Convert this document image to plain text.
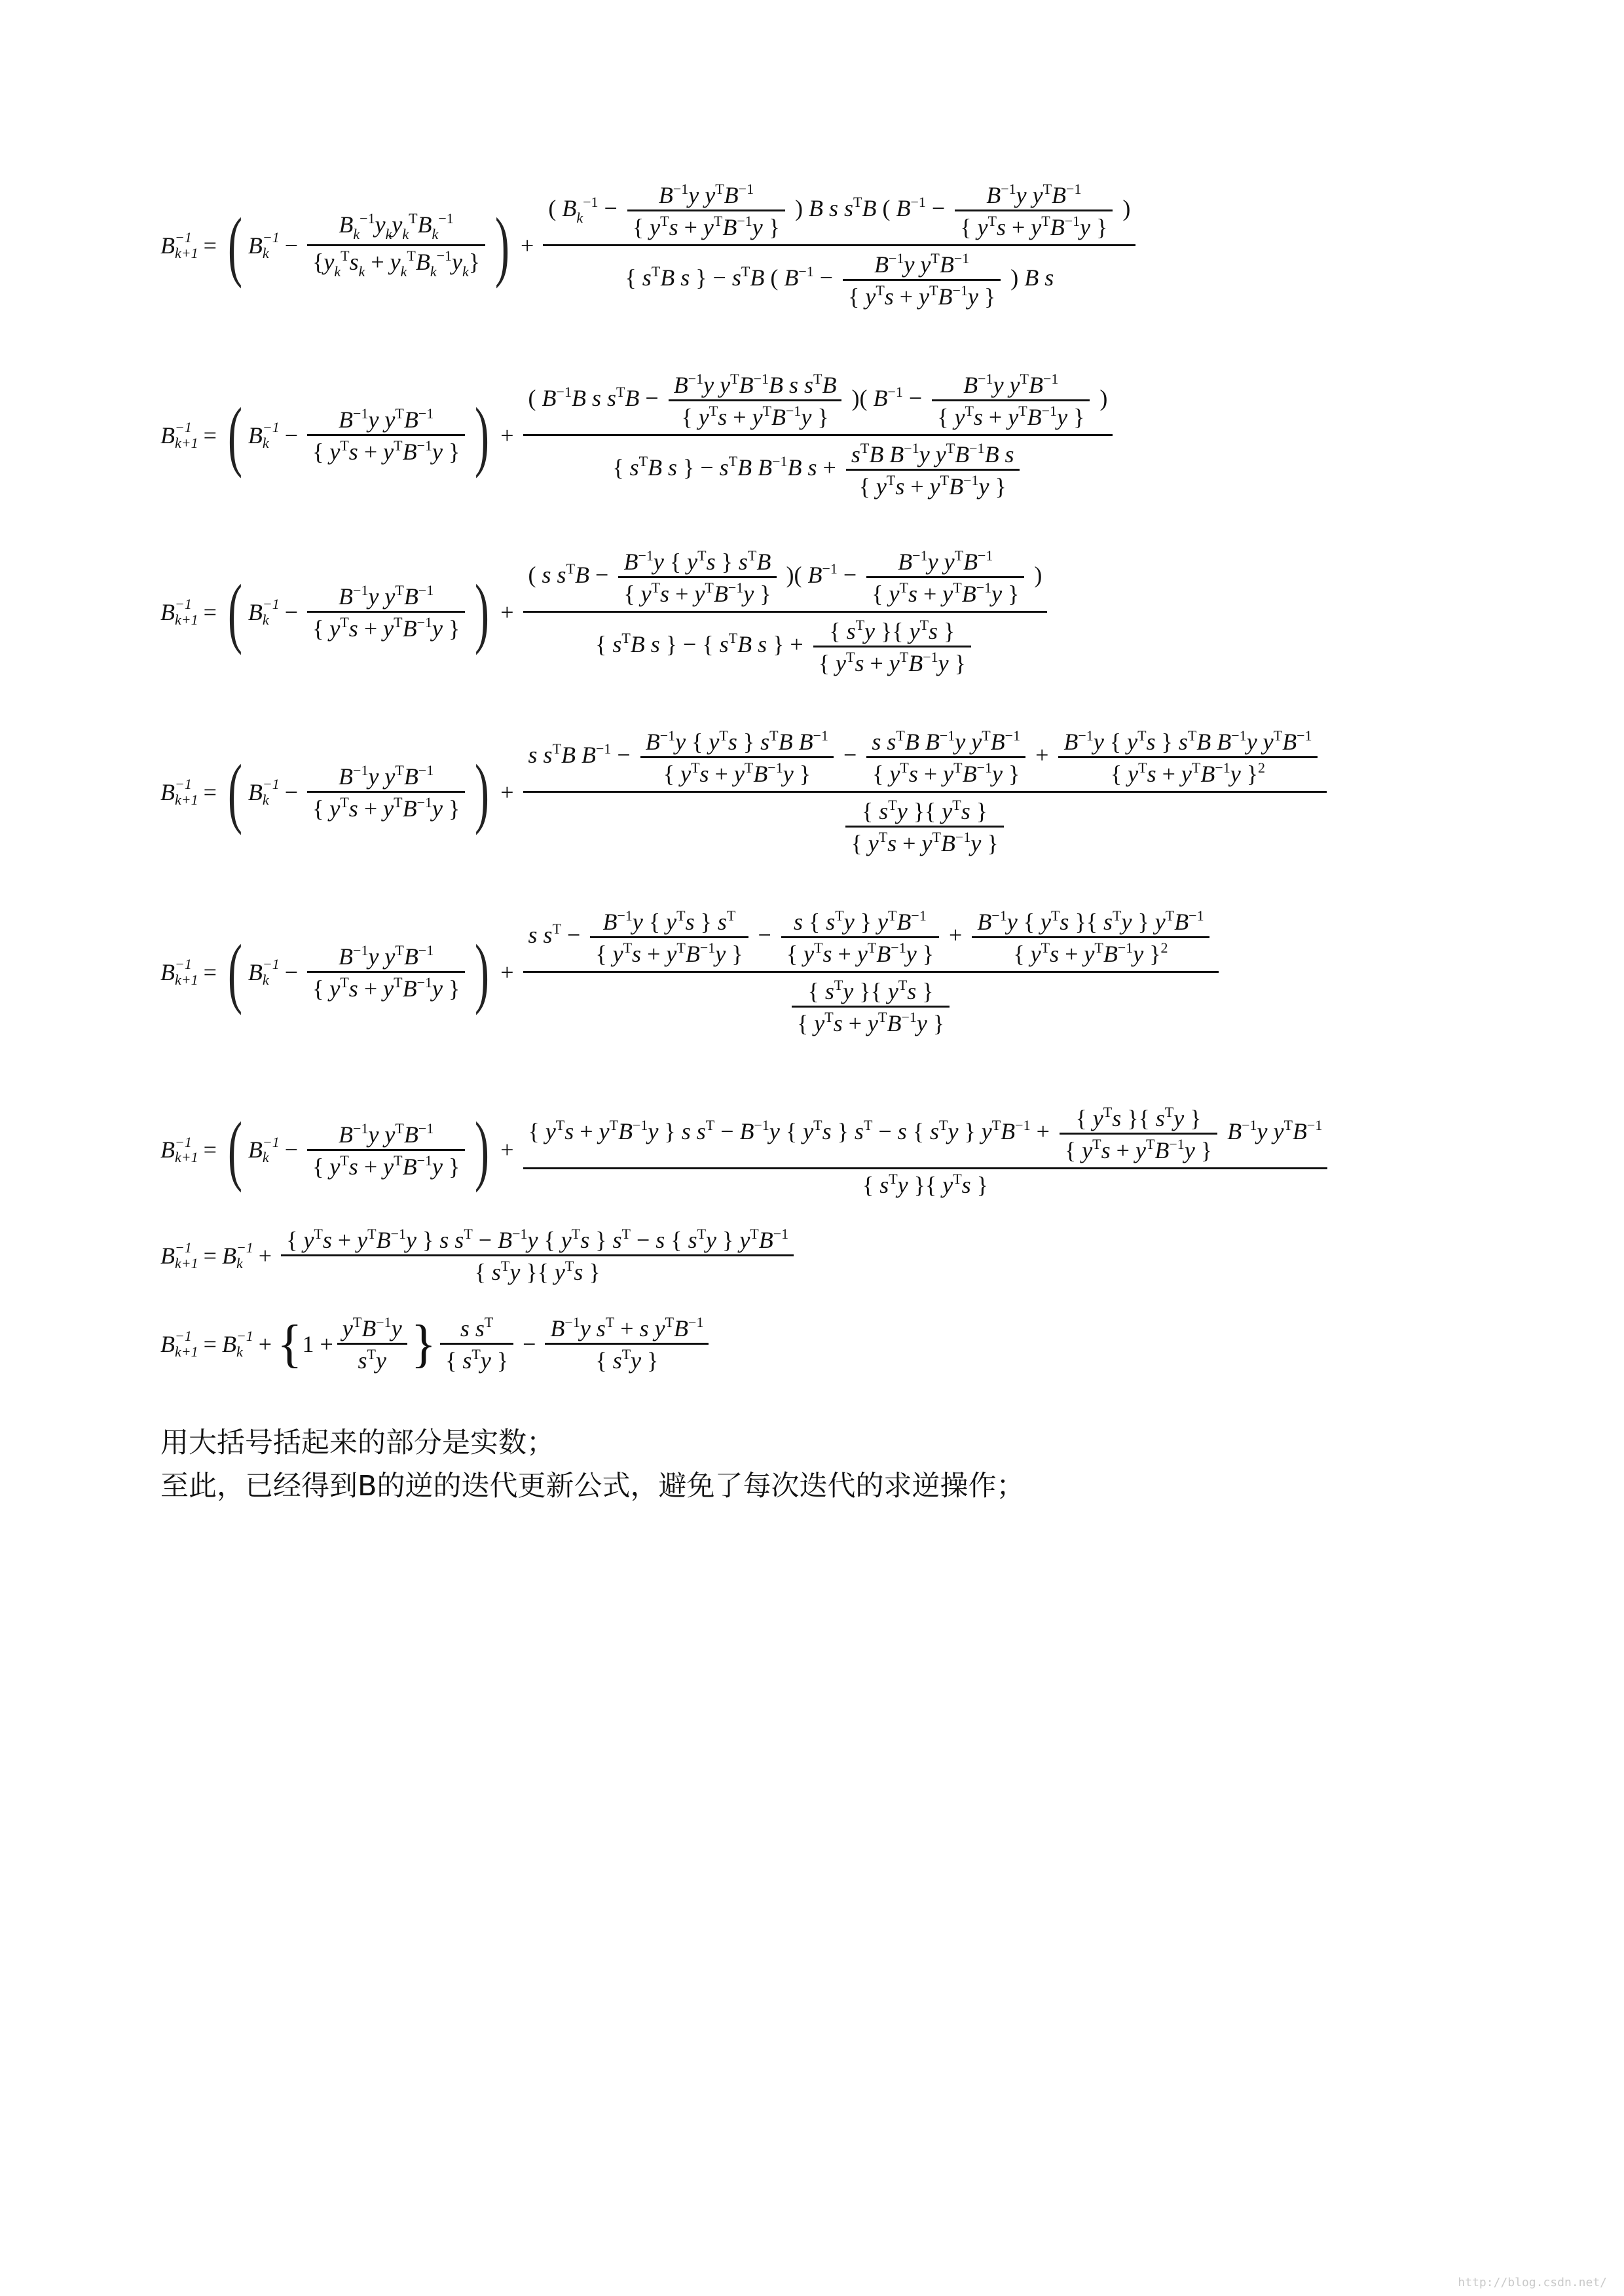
B −1
k+1 = ( B −1
$k - \frac{B_k^{-1}y_ky_k^TB_k^{-1}}{\{y_k^Ts_k + y_k^TB_k^{-1}y_k\}}$ ) +
( $B_k^{-1} - \frac{B^{-1}y y^TB^{-1}}{\{ y^Ts + y^TB^{-1}y \}}$ ) B s $s^TB$ ( $B^{-1} - \frac{B^{-1}y y^TB^{-1}}{\{ y^Ts + y^TB^{-1}y \}}$ )
{ $s^TB$ s } − $s^TB$ ( $B^{-1} - \frac{B^{-1}y y^TB^{-1}}{\{ y^Ts + y^TB^{-1}y \}}$ ) B s
B −1
k+1 = ( B −1
$k - \frac{B^{-1}y y^TB^{-1}}{\{ y^Ts + y^TB^{-1}y \}}$ ) +
( $B^{-1}B$ s $s^TB - \frac{B^{-1}y y^TB^{-1}B s s^TB}{\{ y^Ts + y^TB^{-1}y \}}$ )( $B^{-1} - \frac{B^{-1}y y^TB^{-1}}{\{ y^Ts + y^TB^{-1}y \}}$ )
{ $s^TB$ s } − $s^TB$ $B^{-1}B$ $s + \frac{s^TB B^{-1}y y^TB^{-1}B s}{\{ y^Ts + y^TB^{-1}y \}}$
B −1
k+1 = ( B −1
$k - \frac{B^{-1}y y^TB^{-1}}{\{ y^Ts + y^TB^{-1}y \}}$ ) +
( s $s^TB - \frac{B^{-1}y \{ y^Ts \} s^TB}{\{ y^Ts + y^TB^{-1}y \}}$ )( $B^{-1} - \frac{B^{-1}y y^TB^{-1}}{\{ y^Ts + y^TB^{-1}y \}}$ )
{ $s^TB$ s } − { $s^TB$ s } + $\frac{\{ s^Ty \}\{ y^Ts \}}{\{ y^Ts + y^TB^{-1}y \}}$
B −1
k+1 = ( B −1
$k - \frac{B^{-1}y y^TB^{-1}}{\{ y^Ts + y^TB^{-1}y \}}$ ) +
s $s^TB$ $B^{-1} - \frac{B^{-1}y \{ y^Ts \} s^TB B^{-1}}{\{ y^Ts + y^TB^{-1}y \}} - \frac{s s^TB B^{-1}y y^TB^{-1}}{\{ y^Ts + y^TB^{-1}y \}} + \frac{B^{-1}y \{ y^Ts \} s^TB B^{-1}y y^TB^{-1}}{\{ y^Ts + y^TB^{-1}y \}^2}$
$\frac{\{ s^Ty \}\{ y^Ts \}}{\{ y^Ts + y^TB^{-1}y \}}$
B −1
k+1 = ( B −1
$k - \frac{B^{-1}y y^TB^{-1}}{\{ y^Ts + y^TB^{-1}y \}}$ ) +
s $s^T - \frac{B^{-1}y \{ y^Ts \} s^T}{\{ y^Ts + y^TB^{-1}y \}} - \frac{s \{ s^Ty \} y^TB^{-1}}{\{ y^Ts + y^TB^{-1}y \}} + \frac{B^{-1}y \{ y^Ts \}\{ s^Ty \} y^TB^{-1}}{\{ y^Ts + y^TB^{-1}y \}^2}$
$\frac{\{ s^Ty \}\{ y^Ts \}}{\{ y^Ts + y^TB^{-1}y \}}$
B −1
k+1 = ( B −1
$k - \frac{B^{-1}y y^TB^{-1}}{\{ y^Ts + y^TB^{-1}y \}}$ ) +
{ $y^Ts + y^TB^{-1}y$ } s $s^T - B^{-1}y$ { $y^Ts$ } $s^T - s$ { $s^Ty$ } $y^TB^{-1} + \frac{\{ y^Ts \}\{ s^Ty \}}{\{ y^Ts + y^TB^{-1}y \}} B^{-1}y$ $y^TB^{-1}$
{ $s^Ty$ }{ $y^Ts$ }
B −1
k+1 = B −1
$k + \frac{\{ y^Ts + y^TB^{-1}y \} s s^T - B^{-1}y \{ y^Ts \} s^T - s \{ s^Ty \} y^TB^{-1}}{\{ s^Ty \}\{ y^Ts \}}$
B −1
k+1 = B −1
k + { $1 + \frac{y^TB^{-1}y}{s^Ty}$ } $\frac{s s^T}{\{ s^Ty \}} - \frac{B^{-1}y s^T + s y^TB^{-1}}{\{ s^Ty \}}$
用大括号括起来的部分是实数；
至此，已经得到B的逆的迭代更新公式，避免了每次迭代的求逆操作；
http://blog.csdn.net/
